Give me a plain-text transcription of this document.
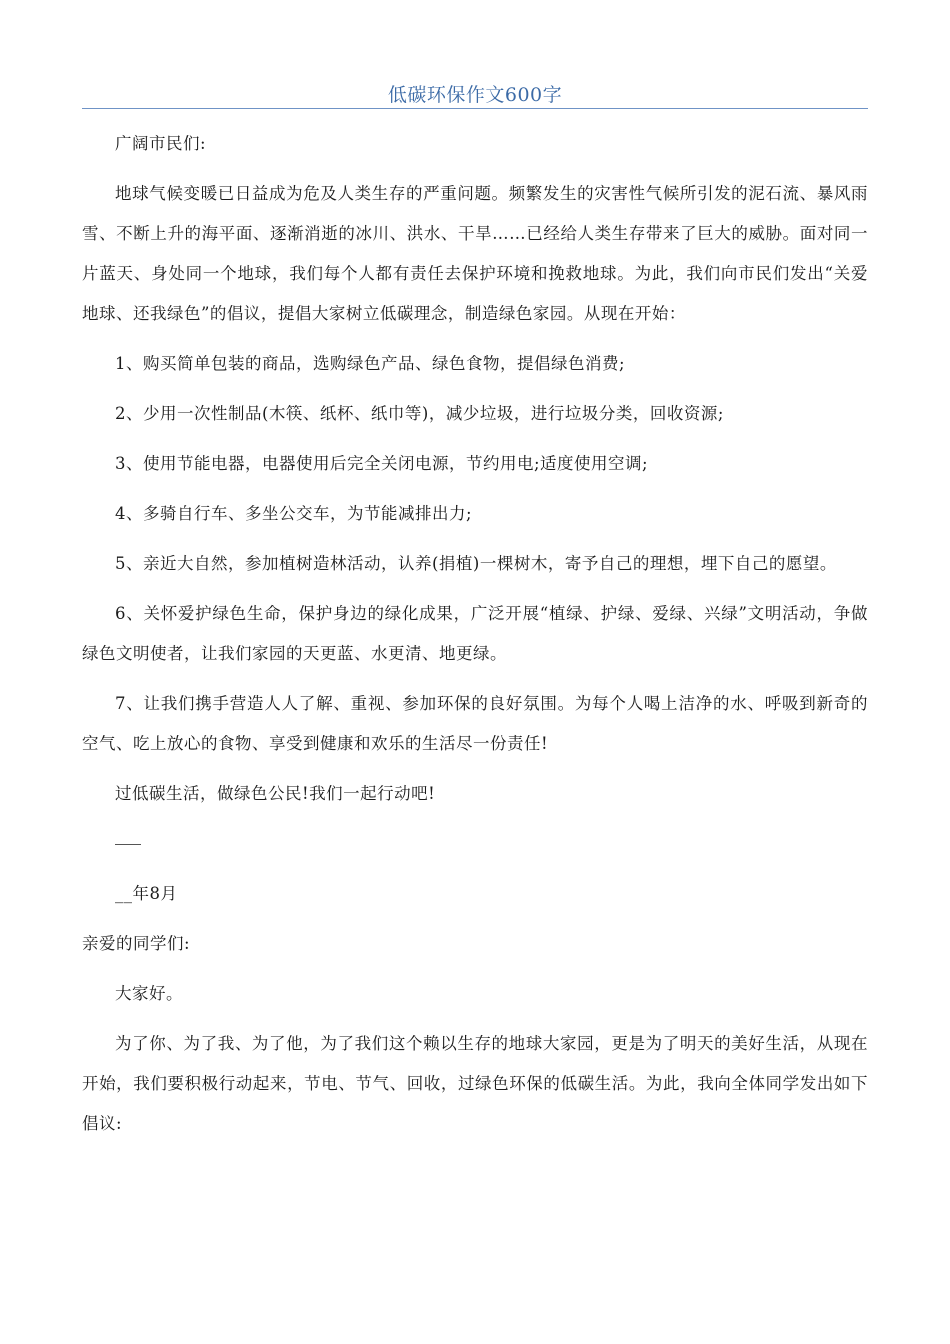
低碳环保作文600字

广阔市民们:

地球气候变暖已日益成为危及人类生存的严重问题。频繁发生的灾害性气候所引发的泥石流、暴风雨雪、不断上升的海平面、逐渐消逝的冰川、洪水、干旱……已经给人类生存带来了巨大的威胁。面对同一片蓝天、身处同一个地球，我们每个人都有责任去保护环境和挽救地球。为此，我们向市民们发出“关爱地球、还我绿色”的倡议，提倡大家树立低碳理念，制造绿色家园。从现在开始：

1、购买简单包装的商品，选购绿色产品、绿色食物，提倡绿色消费;

2、少用一次性制品(木筷、纸杯、纸巾等)，减少垃圾，进行垃圾分类，回收资源;

3、使用节能电器，电器使用后完全关闭电源，节约用电;适度使用空调;

4、多骑自行车、多坐公交车，为节能减排出力;

5、亲近大自然，参加植树造林活动，认养(捐植)一棵树木，寄予自己的理想，埋下自己的愿望。

6、关怀爱护绿色生命，保护身边的绿化成果，广泛开展“植绿、护绿、爱绿、兴绿”文明活动，争做绿色文明使者，让我们家园的天更蓝、水更清、地更绿。

7、让我们携手营造人人了解、重视、参加环保的良好氛围。为每个人喝上洁净的水、呼吸到新奇的空气、吃上放心的食物、享受到健康和欢乐的生活尽一份责任!

过低碳生活，做绿色公民!我们一起行动吧!

__年8月

亲爱的同学们:

大家好。

为了你、为了我、为了他，为了我们这个赖以生存的地球大家园，更是为了明天的美好生活，从现在开始，我们要积极行动起来，节电、节气、回收，过绿色环保的低碳生活。为此，我向全体同学发出如下倡议:
